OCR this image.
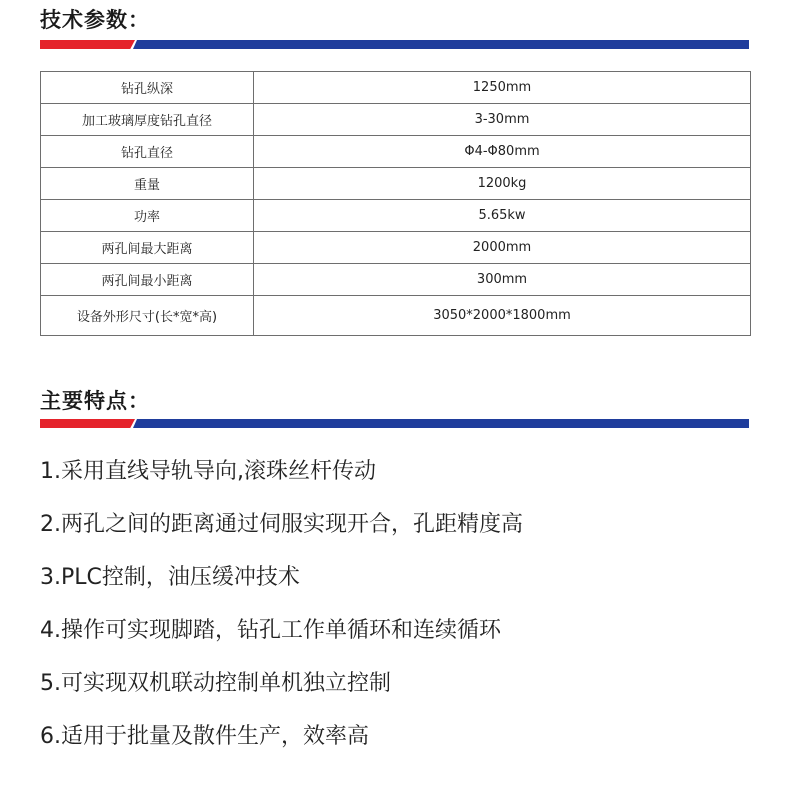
技术参数：
钻孔纵深	1250mm
加工玻璃厚度钻孔直径	3-30mm
钻孔直径	Φ4-Φ80mm
重量	1200kg
功率	5.65kw
两孔间最大距离	2000mm
两孔间最小距离	300mm
设备外形尺寸(长*宽*高)	3050*2000*1800mm
主要特点：
1.采用直线导轨导向,滚珠丝杆传动
2.两孔之间的距离通过伺服实现开合，孔距精度高
3.PLC控制，油压缓冲技术
4.操作可实现脚踏，钻孔工作单循环和连续循环
5.可实现双机联动控制单机独立控制
6.适用于批量及散件生产，效率高
